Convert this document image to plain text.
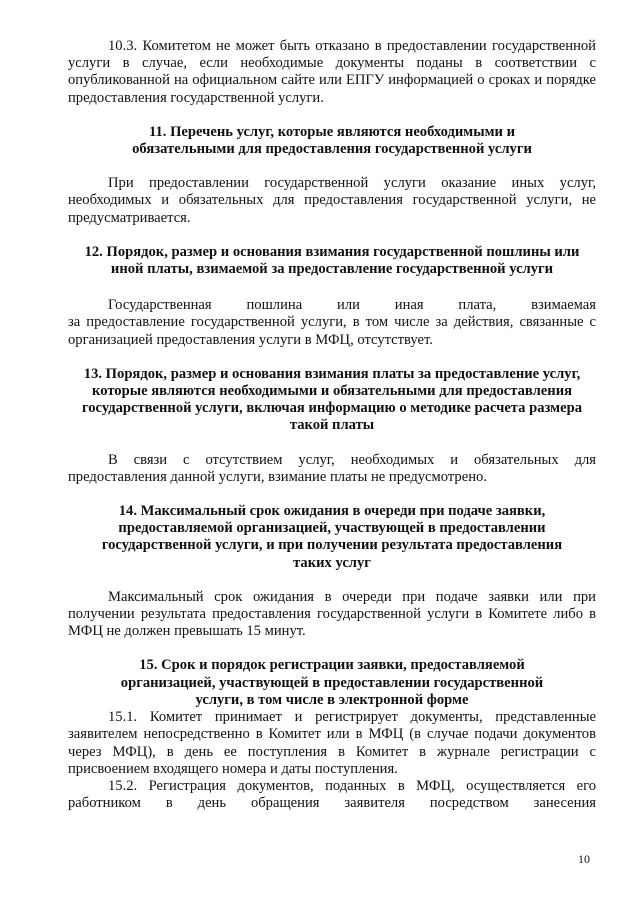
10.3. Комитетом не может быть отказано в предоставлении государственной услуги в случае, если необходимые документы поданы в соответствии с опубликованной на официальном сайте или ЕПГУ информацией о сроках и порядке предоставления государственной услуги.

11. Перечень услуг, которые являются необходимыми и обязательными для предоставления государственной услуги

При предоставлении государственной услуги оказание иных услуг, необходимых и обязательных для предоставления государственной услуги, не предусматривается.

12. Порядок, размер и основания взимания государственной пошлины или иной платы, взимаемой за предоставление государственной услуги

Государственная пошлина или иная плата, взимаемая

за предоставление государственной услуги, в том числе за действия, связанные с организацией предоставления услуги в МФЦ, отсутствует.

13. Порядок, размер и основания взимания платы за предоставление услуг, которые являются необходимыми и обязательными для предоставления государственной услуги, включая информацию о методике расчета размера такой платы

В связи с отсутствием услуг, необходимых и обязательных для предоставления данной услуги, взимание платы не предусмотрено.

14. Максимальный срок ожидания в очереди при подаче заявки, предоставляемой организацией, участвующей в предоставлении государственной услуги, и при получении результата предоставления таких услуг

Максимальный срок ожидания в очереди при подаче заявки или при получении результата предоставления государственной услуги в Комитете либо в МФЦ не должен превышать 15 минут.

15. Срок и порядок регистрации заявки, предоставляемой организацией, участвующей в предоставлении государственной услуги, в том числе в электронной форме

15.1. Комитет принимает и регистрирует документы, представленные заявителем непосредственно в Комитет или в МФЦ (в случае подачи документов через МФЦ), в день ее поступления в Комитет в журнале регистрации с присвоением входящего номера и даты поступления.

15.2. Регистрация документов, поданных в МФЦ, осуществляется его работником в день обращения заявителя посредством занесения

10
